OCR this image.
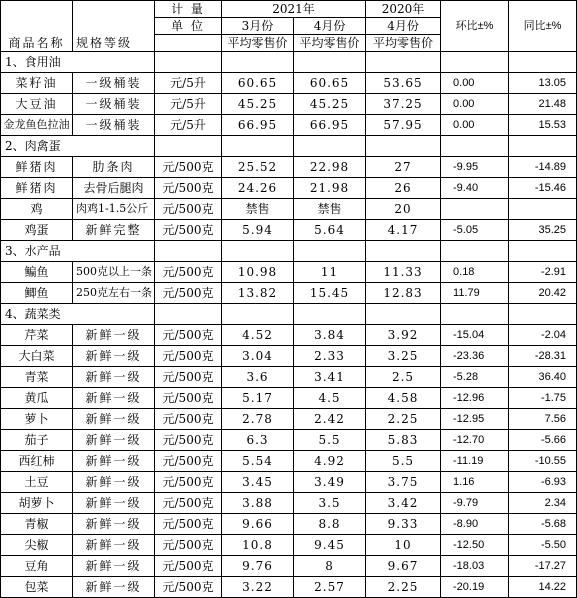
		计 量	2021年		2020年	环比±%	同比±%
		单 位	3月份	4月份	4月份		
商品名称	规格等级		平均零售价	平均零售价	平均零售价		
1、食用油							
菜籽油	一级桶装	元/5升	60.65	60.65	53.65	0.00	13.05
大豆油	一级桶装	元/5升	45.25	45.25	37.25	0.00	21.48
金龙鱼色拉油	一级桶装	元/5升	66.95	66.95	57.95	0.00	15.53
2、肉禽蛋							
鲜猪肉	肋条肉	元/500克	25.52	22.98	27	-9.95	-14.89
鲜猪肉	去骨后腿肉	元/500克	24.26	21.98	26	-9.40	-15.46
鸡	肉鸡1-1.5公斤	元/500克	禁售	禁售	20		
鸡蛋	新鲜完整	元/500克	5.94	5.64	4.17	-5.05	35.25
3、水产品							
鳊鱼	500克以上一条	元/500克	10.98	11	11.33	0.18	-2.91
鲫鱼	250克左右一条	元/500克	13.82	15.45	12.83	11.79	20.42
4、蔬菜类							
芹菜	新鲜一级	元/500克	4.52	3.84	3.92	-15.04	-2.04
大白菜	新鲜一级	元/500克	3.04	2.33	3.25	-23.36	-28.31
青菜	新鲜一级	元/500克	3.6	3.41	2.5	-5.28	36.40
黄瓜	新鲜一级	元/500克	5.17	4.5	4.58	-12.96	-1.75
萝卜	新鲜一级	元/500克	2.78	2.42	2.25	-12.95	7.56
茄子	新鲜一级	元/500克	6.3	5.5	5.83	-12.70	-5.66
西红柿	新鲜一级	元/500克	5.54	4.92	5.5	-11.19	-10.55
土豆	新鲜一级	元/500克	3.45	3.49	3.75	1.16	-6.93
胡萝卜	新鲜一级	元/500克	3.88	3.5	3.42	-9.79	2.34
青椒	新鲜一级	元/500克	9.66	8.8	9.33	-8.90	-5.68
尖椒	新鲜一级	元/500克	10.8	9.45	10	-12.50	-5.50
豆角	新鲜一级	元/500克	9.76	8	9.67	-18.03	-17.27
包菜	新鲜一级	元/500克	3.22	2.57	2.25	-20.19	14.22
